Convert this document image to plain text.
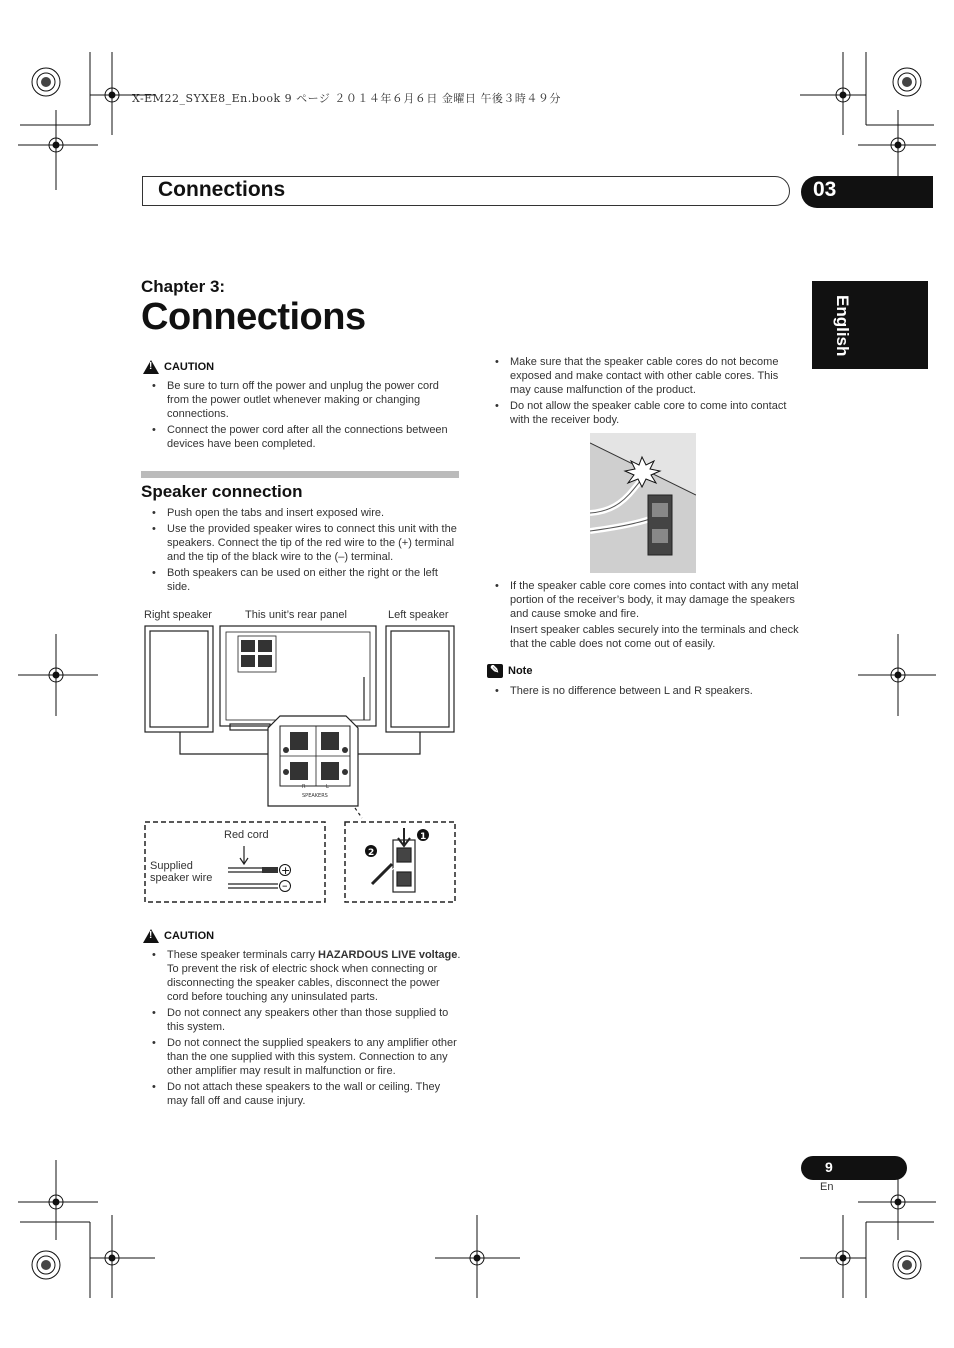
X-EM22_SYXE8_En.book 9 ページ ２０１４年６月６日 金曜日 午後３時４９分
Connections	03
English
Chapter 3:
Connections
!
CAUTION
• Be sure to turn off the power and unplug the power cord from the power outlet whenever making or changing connections.
• Connect the power cord after all the connections between devices have been completed.
Speaker connection
• Push open the tabs and insert exposed wire.
• Use the provided speaker wires to connect this unit with the speakers. Connect the tip of the red wire to the (+) terminal and the tip of the black wire to the (–) terminal.
• Both speakers can be used on either the right or the left side.
Right speaker	This unit’s rear panel	Left speaker
+
–
1
2
R	L
SPEAKERS
Red cord
Supplied
speaker wire
!
CAUTION
• These speaker terminals carry HAZARDOUS LIVE voltage. To prevent the risk of electric shock when connecting or disconnecting the speaker cables, disconnect the power cord before touching any uninsulated parts.
• Do not connect any speakers other than those supplied to this system.
• Do not connect the supplied speakers to any amplifier other than the one supplied with this system. Connection to any other amplifier may result in malfunction or fire.
• Do not attach these speakers to the wall or ceiling. They may fall off and cause injury.
• Make sure that the speaker cable cores do not become exposed and make contact with other cable cores. This may cause malfunction of the product.
• Do not allow the speaker cable core to come into contact with the receiver body.
• If the speaker cable core comes into contact with any metal portion of the receiver’s body, it may damage the speakers and cause smoke and fire.
Insert speaker cables securely into the terminals and check that the cable does not come out of easily.
✎
Note
• There is no difference between L and R speakers.
9
En
